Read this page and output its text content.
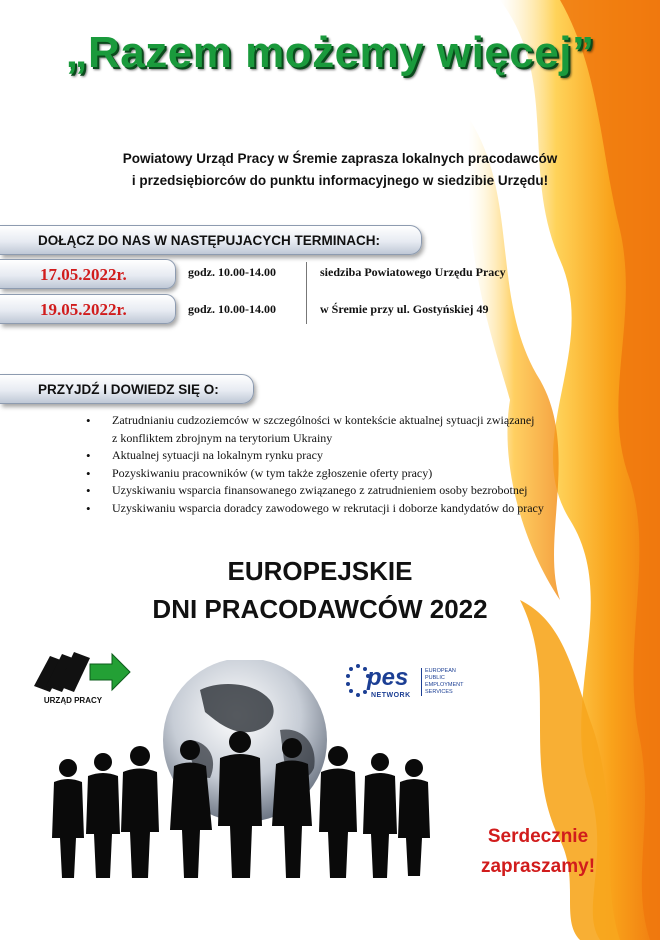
„Razem możemy więcej”
Powiatowy Urząd Pracy w Śremie zaprasza lokalnych pracodawców
i przedsiębiorców do punktu informacyjnego w siedzibie Urzędu!
DOŁĄCZ DO NAS W NASTĘPUJACYCH TERMINACH:
17.05.2022r.	godz. 10.00-14.00	siedziba Powiatowego Urzędu Pracy
19.05.2022r.	godz. 10.00-14.00	w Śremie przy ul. Gostyńskiej 49
PRZYJDŹ I DOWIEDZ SIĘ O:
• Zatrudnianiu cudzoziemców w szczególności w kontekście aktualnej sytuacji związanej
z konfliktem zbrojnym na terytorium Ukrainy
• Aktualnej sytuacji na lokalnym rynku pracy
• Pozyskiwaniu pracowników (w tym także zgłoszenie oferty pracy)
• Uzyskiwaniu wsparcia finansowanego związanego z zatrudnieniem osoby bezrobotnej
• Uzyskiwaniu wsparcia doradcy zawodowego w rekrutacji i doborze kandydatów do pracy
EUROPEJSKIE
DNI PRACODAWCÓW 2022
URZĄD PRACY
pes
NETWORK
EUROPEAN
PUBLIC
EMPLOYMENT
SERVICES
Serdecznie
zapraszamy!
